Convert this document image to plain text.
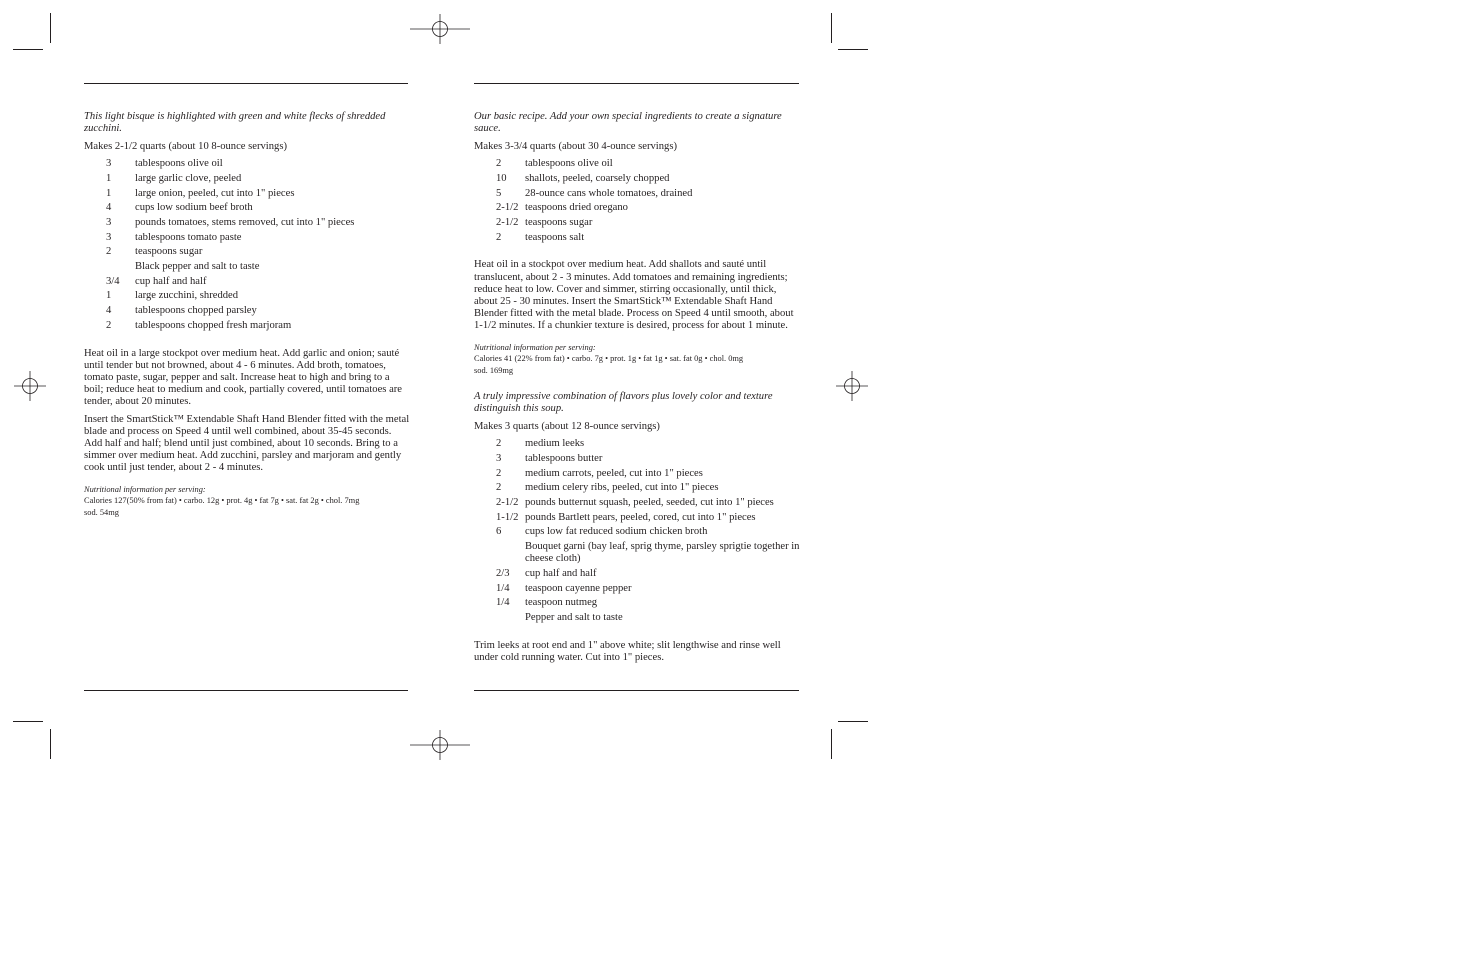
This light bisque is highlighted with green and white flecks of shredded zucchini.

Makes 2-1/2 quarts (about 10 8-ounce servings)

3	tablespoons olive oil
1	large garlic clove, peeled
1	large onion, peeled, cut into 1" pieces
4	cups low sodium beef broth
3	pounds tomatoes, stems removed, cut into 1" pieces
3	tablespoons tomato paste
2	teaspoons sugar
	Black pepper and salt to taste
3/4	cup half and half
1	large zucchini, shredded
4	tablespoons chopped parsley
2	tablespoons chopped fresh marjoram

Heat oil in a large stockpot over medium heat. Add garlic and onion; sauté until tender but not browned, about 4 - 6 minutes. Add broth, tomatoes, tomato paste, sugar, pepper and salt. Increase heat to high and bring to a boil; reduce heat to medium and cook, partially covered, until tomatoes are tender, about 20 minutes.

Insert the SmartStick™ Extendable Shaft Hand Blender fitted with the metal blade and process on Speed 4 until well combined, about 35-45 seconds. Add half and half; blend until just combined, about 10 seconds. Bring to a simmer over medium heat. Add zucchini, parsley and marjoram and gently cook until just tender, about 2 - 4 minutes.

Nutritional information per serving:

Calories 127(50% from fat) • carbo. 12g • prot. 4g • fat 7g • sat. fat 2g • chol. 7mg

sod. 54mg

Our basic recipe. Add your own special ingredients to create a signature sauce.

Makes 3-3/4 quarts (about 30 4-ounce servings)

2	tablespoons olive oil
10	shallots, peeled, coarsely chopped
5	28-ounce cans whole tomatoes, drained
2-1/2	teaspoons dried oregano
2-1/2	teaspoons sugar
2	teaspoons salt

Heat oil in a stockpot over medium heat. Add shallots and sauté until translucent, about 2 - 3 minutes. Add tomatoes and remaining ingredients; reduce heat to low. Cover and simmer, stirring occasionally, until thick, about 25 - 30 minutes. Insert the SmartStick™ Extendable Shaft Hand Blender fitted with the metal blade. Process on Speed 4 until smooth, about 1-1/2 minutes. If a chunkier texture is desired, process for about 1 minute.

Nutritional information per serving:

Calories 41 (22% from fat) • carbo. 7g • prot. 1g • fat 1g • sat. fat 0g • chol. 0mg

sod. 169mg

A truly impressive combination of flavors plus lovely color and texture distinguish this soup.

Makes 3 quarts (about 12 8-ounce servings)

2	medium leeks
3	tablespoons butter
2	medium carrots, peeled, cut into 1" pieces
2	medium celery ribs, peeled, cut into 1" pieces
2-1/2	pounds butternut squash, peeled, seeded, cut into 1" pieces
1-1/2	pounds Bartlett pears, peeled, cored, cut into 1" pieces
6	cups low fat reduced sodium chicken broth
	Bouquet garni (bay leaf, sprig thyme, parsley sprigtie together in cheese cloth)
2/3	cup half and half
1/4	teaspoon cayenne pepper
1/4	teaspoon nutmeg
	Pepper and salt to taste

Trim leeks at root end and 1" above white; slit lengthwise and rinse well under cold running water. Cut into 1" pieces.
